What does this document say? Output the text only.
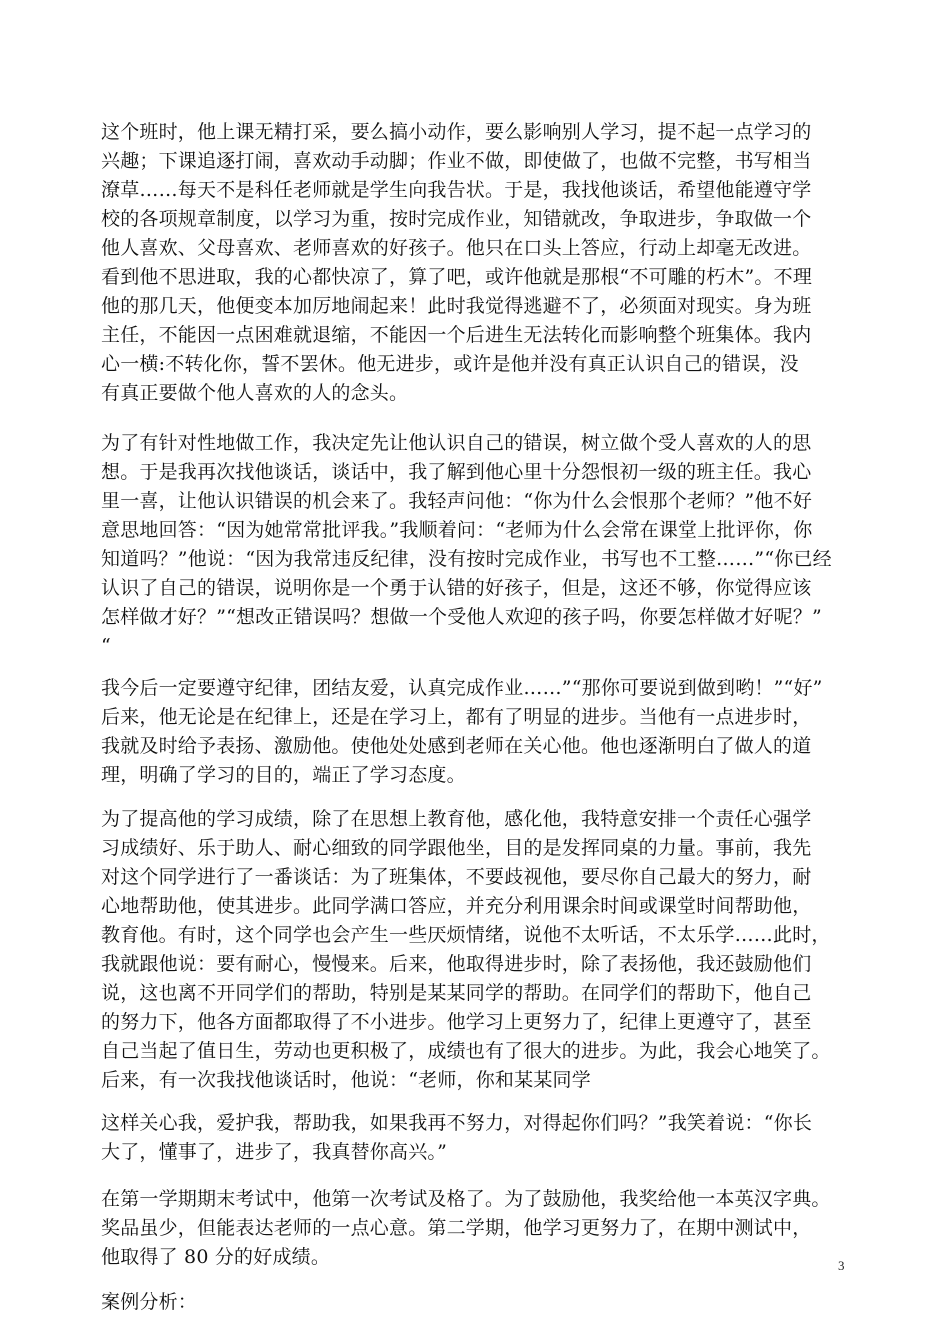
这个班时，他上课无精打采，要么搞小动作，要么影响别人学习，提不起一点学习的
兴趣；下课追逐打闹，喜欢动手动脚；作业不做，即使做了，也做不完整，书写相当
潦草……每天不是科任老师就是学生向我告状。于是，我找他谈话，希望他能遵守学
校的各项规章制度，以学习为重，按时完成作业，知错就改，争取进步，争取做一个
他人喜欢、父母喜欢、老师喜欢的好孩子。他只在口头上答应，行动上却毫无改进。
看到他不思进取，我的心都快凉了，算了吧，或许他就是那根“不可雕的朽木”。不理
他的那几天，他便变本加厉地闹起来！此时我觉得逃避不了，必须面对现实。身为班
主任，不能因一点困难就退缩，不能因一个后进生无法转化而影响整个班集体。我内
心一横:不转化你，誓不罢休。他无进步，或许是他并没有真正认识自己的错误，没
有真正要做个他人喜欢的人的念头。

为了有针对性地做工作，我决定先让他认识自己的错误，树立做个受人喜欢的人的思
想。于是我再次找他谈话，谈话中，我了解到他心里十分怨恨初一级的班主任。我心
里一喜，让他认识错误的机会来了。我轻声问他：“你为什么会恨那个老师？”他不好
意思地回答：“因为她常常批评我。”我顺着问：“老师为什么会常在课堂上批评你，你
知道吗？”他说：“因为我常违反纪律，没有按时完成作业，书写也不工整……”“你已经
认识了自己的错误，说明你是一个勇于认错的好孩子，但是，这还不够，你觉得应该
怎样做才好？”“想改正错误吗？想做一个受他人欢迎的孩子吗，你要怎样做才好呢？”
“

我今后一定要遵守纪律，团结友爱，认真完成作业……”“那你可要说到做到哟！”“好”
后来，他无论是在纪律上，还是在学习上，都有了明显的进步。当他有一点进步时，
我就及时给予表扬、激励他。使他处处感到老师在关心他。他也逐渐明白了做人的道
理，明确了学习的目的，端正了学习态度。

为了提高他的学习成绩，除了在思想上教育他，感化他，我特意安排一个责任心强学
习成绩好、乐于助人、耐心细致的同学跟他坐，目的是发挥同桌的力量。事前，我先
对这个同学进行了一番谈话：为了班集体，不要歧视他，要尽你自己最大的努力，耐
心地帮助他，使其进步。此同学满口答应，并充分利用课余时间或课堂时间帮助他，
教育他。有时，这个同学也会产生一些厌烦情绪，说他不太听话，不太乐学……此时，
我就跟他说：要有耐心，慢慢来。后来，他取得进步时，除了表扬他，我还鼓励他们
说，这也离不开同学们的帮助，特别是某某同学的帮助。在同学们的帮助下，他自己
的努力下，他各方面都取得了不小进步。他学习上更努力了，纪律上更遵守了，甚至
自己当起了值日生，劳动也更积极了，成绩也有了很大的进步。为此，我会心地笑了。
后来，有一次我找他谈话时，他说：“老师，你和某某同学

这样关心我，爱护我，帮助我，如果我再不努力，对得起你们吗？”我笑着说：“你长
大了，懂事了，进步了，我真替你高兴。”

在第一学期期末考试中，他第一次考试及格了。为了鼓励他，我奖给他一本英汉字典。
奖品虽少，但能表达老师的一点心意。第二学期，他学习更努力了，在期中测试中，
他取得了 80 分的好成绩。

案例分析：

3
